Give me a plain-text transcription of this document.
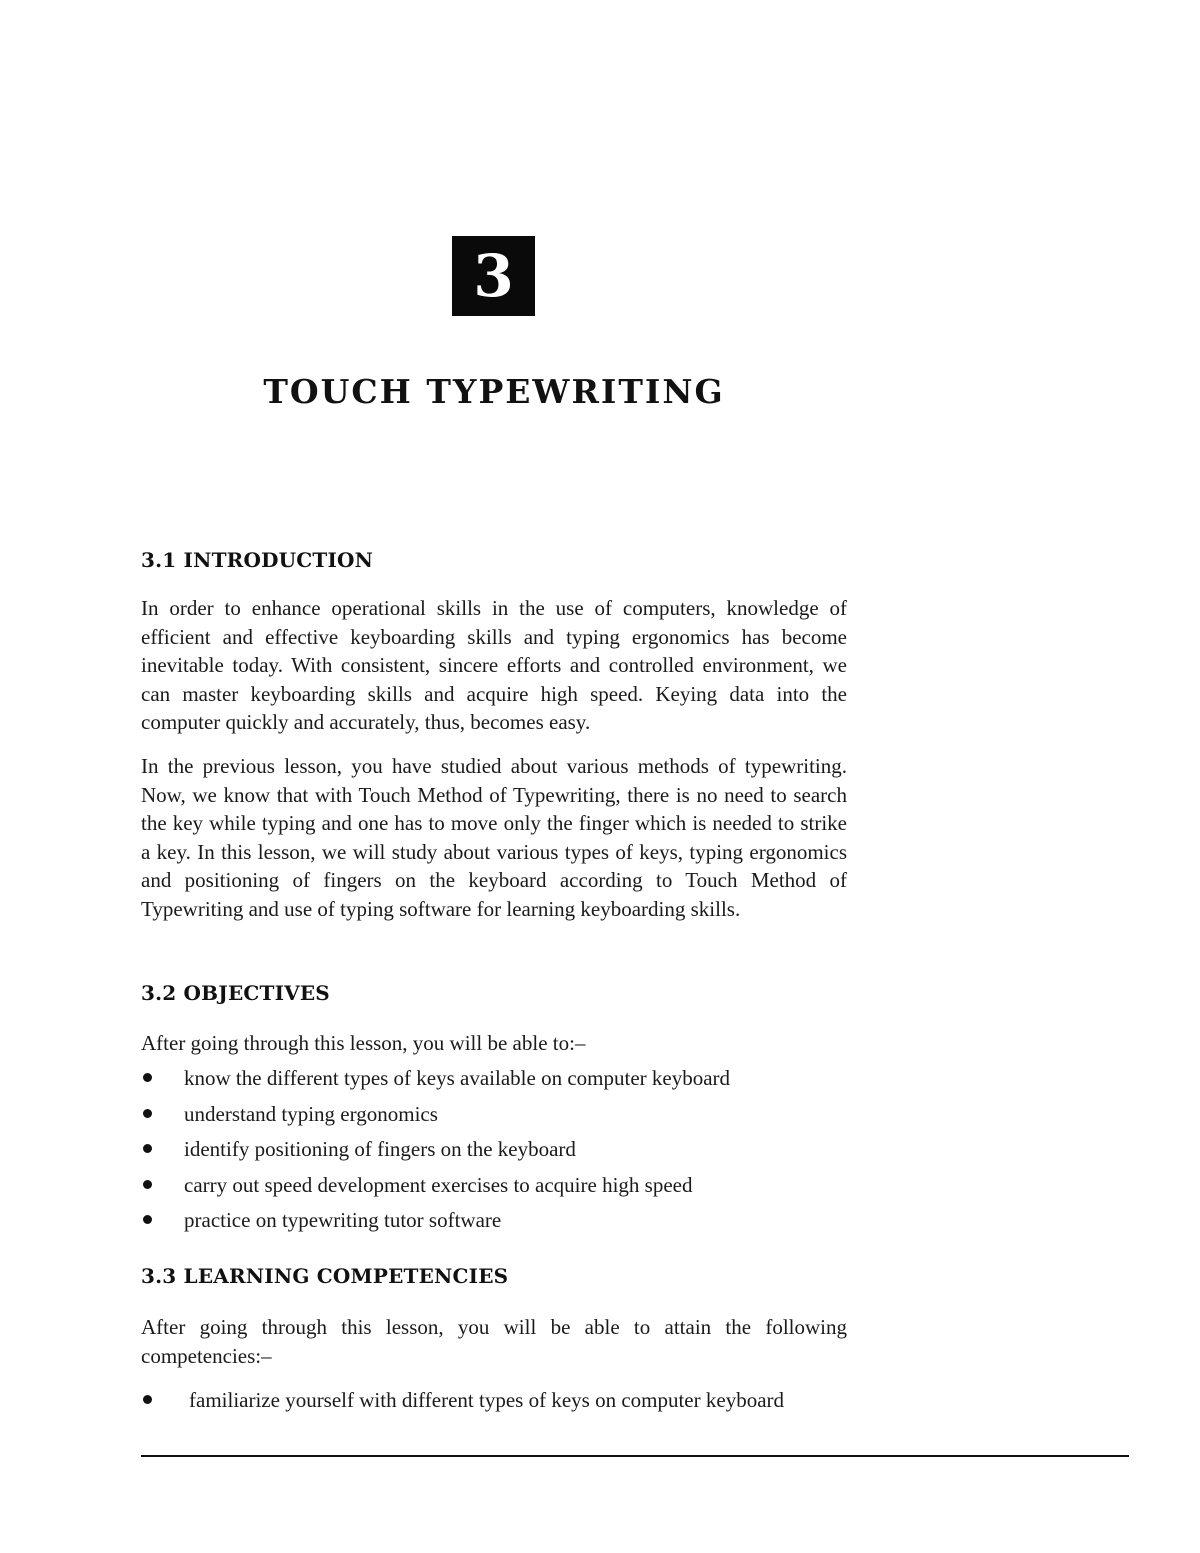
3
TOUCH TYPEWRITING
3.1 INTRODUCTION

In order to enhance operational skills in the use of computers, knowledge of efficient and effective keyboarding skills and typing ergonomics has become inevitable today. With consistent, sincere efforts and controlled environment, we can master keyboarding skills and acquire high speed. Keying data into the computer quickly and accurately, thus, becomes easy.

In the previous lesson, you have studied about various methods of typewriting. Now, we know that with Touch Method of Typewriting, there is no need to search the key while typing and one has to move only the finger which is needed to strike a key. In this lesson, we will study about various types of keys, typing ergonomics and positioning of fingers on the keyboard according to Touch Method of Typewriting and use of typing software for learning keyboarding skills.

3.2 OBJECTIVES

After going through this lesson, you will be able to:–

know the different types of keys available on computer keyboard
understand typing ergonomics
identify positioning of fingers on the keyboard
carry out speed development exercises to acquire high speed
practice on typewriting tutor software
3.3 LEARNING COMPETENCIES

After going through this lesson, you will be able to attain the following competencies:–

familiarize yourself with different types of keys on computer keyboard
